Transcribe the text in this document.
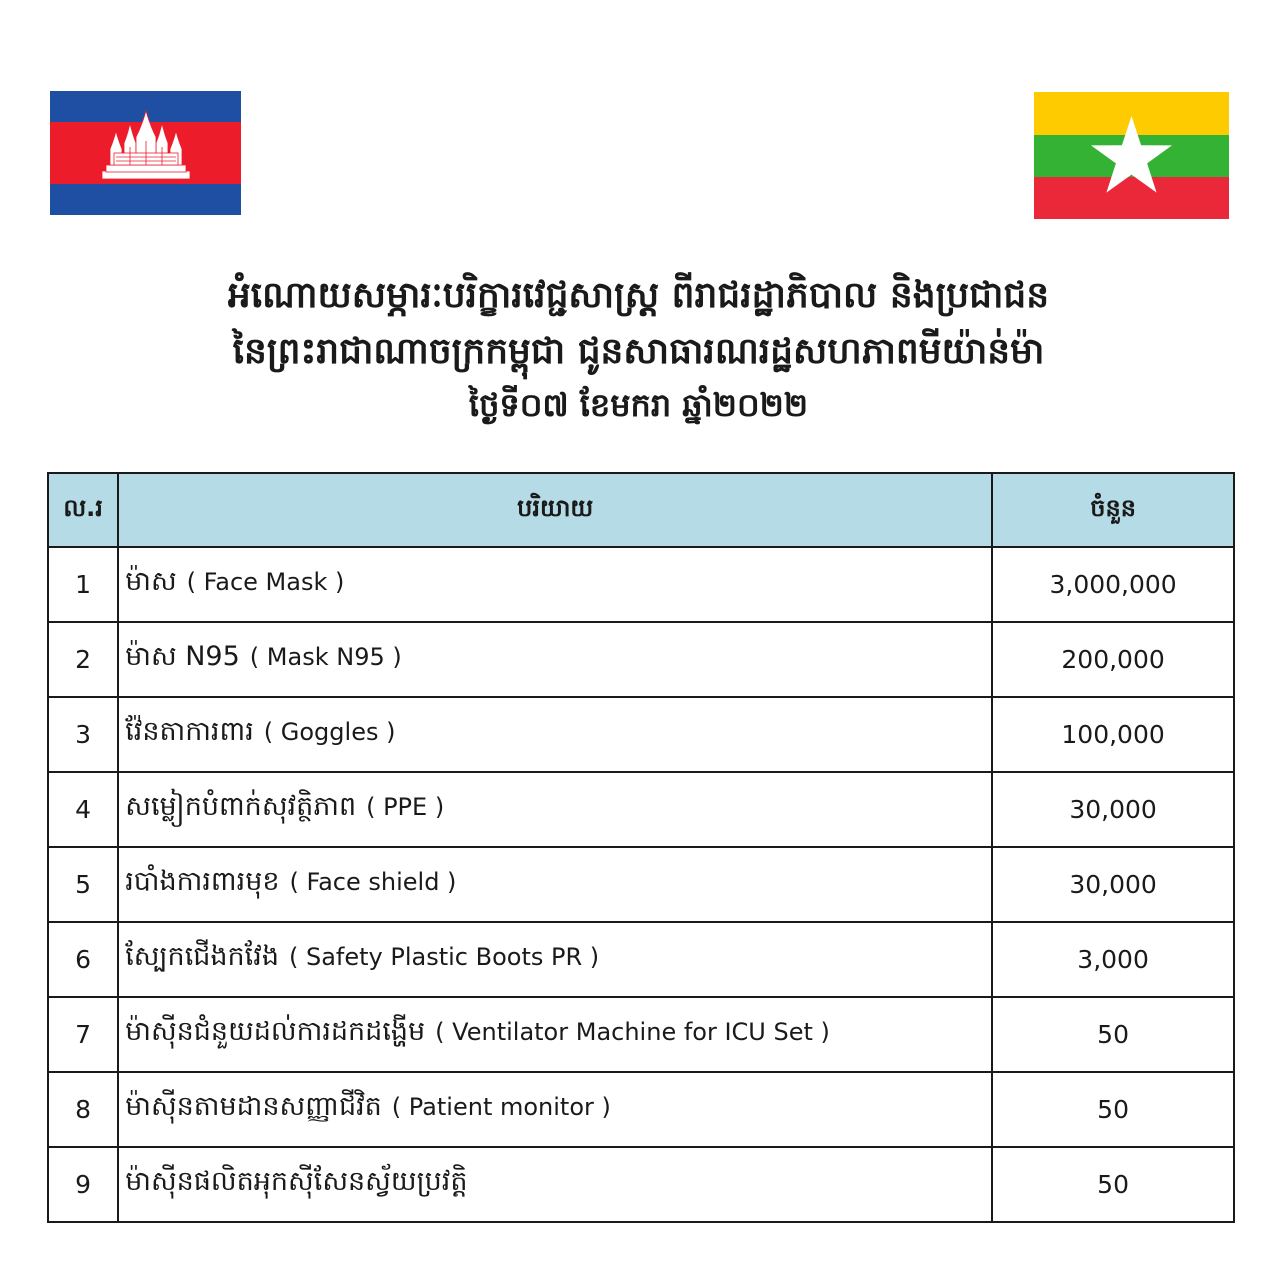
អំណោយសម្ភារៈបរិក្ខារវេជ្ជសាស្ត្រ ពីរាជរដ្ឋាភិបាល និងប្រជាជន
នៃព្រះរាជាណាចក្រកម្ពុជា ជូនសាធារណរដ្ឋសហភាពមីយ៉ាន់ម៉ា
ថ្ងៃទី០៧ ខែមករា ឆ្នាំ២០២២
ល.រ	បរិយាយ	ចំនួន
1	ម៉ាស ( Face Mask )	3,000,000
2	ម៉ាស N95 ( Mask N95 )	200,000
3	វ៉ែនតាការពារ ( Goggles )	100,000
4	សម្លៀកបំពាក់សុវត្ថិភាព ( PPE )	30,000
5	របាំងការពារមុខ ( Face shield )	30,000
6	ស្បែកជើងកវែង ( Safety Plastic Boots PR )	3,000
7	ម៉ាស៊ីនជំនួយដល់ការដកដង្ហើម ( Ventilator Machine for ICU Set )	50
8	ម៉ាស៊ីនតាមដានសញ្ញាជីវិត ( Patient monitor )	50
9	ម៉ាស៊ីនផលិតអុកស៊ីសែនស្វ័យប្រវត្តិ	50
